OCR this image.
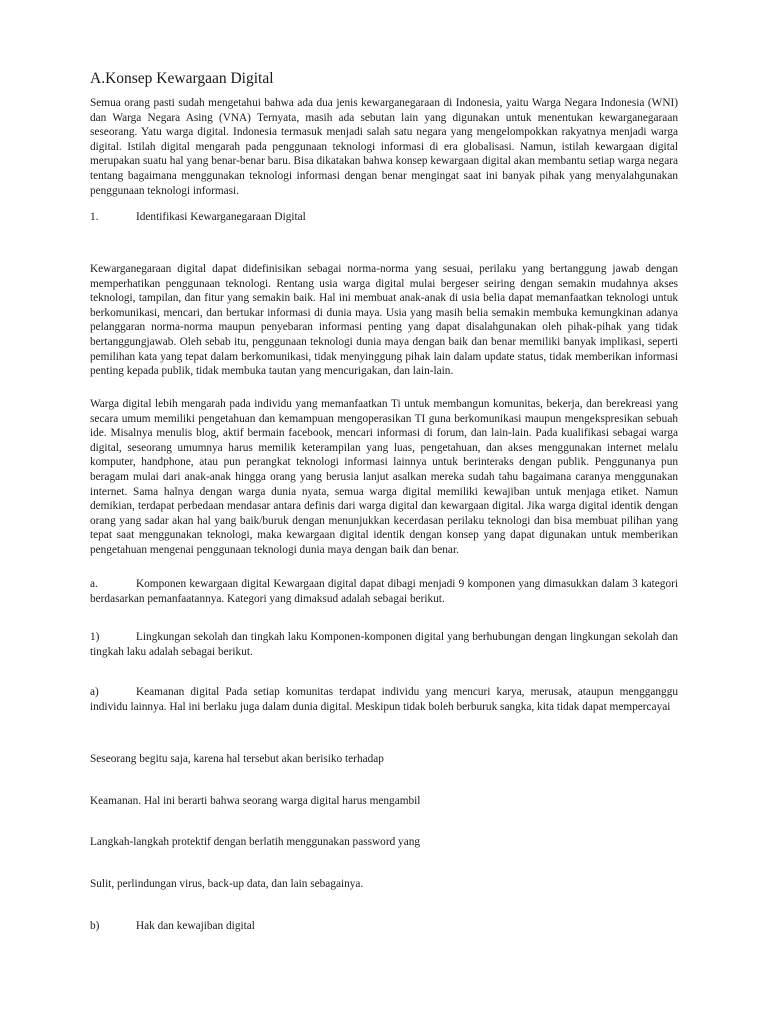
A.Konsep Kewargaan Digital

Semua orang pasti sudah mengetahui bahwa ada dua jenis kewarganegaraan di Indonesia, yaitu Warga Negara Indonesia (WNI) dan Warga Negara Asing (VNA) Ternyata, masih ada sebutan lain yang digunakan untuk menentukan kewarganegaraan seseorang. Yatu warga digital. Indonesia termasuk menjadi salah satu negara yang mengelompokkan rakyatnya menjadi warga digital. Istilah digital mengarah pada penggunaan teknologi informasi di era globalisasi. Namun, istilah kewargaan digital merupakan suatu hal yang benar-benar baru. Bisa dikatakan bahwa konsep kewargaan digital akan membantu setiap warga negara tentang bagaimana menggunakan teknologi informasi dengan benar mengingat saat ini banyak pihak yang menyalahgunakan penggunaan teknologi informasi.

1.	Identifikasi Kewarganegaraan Digital

Kewarganegaraan digital dapat didefinisikan sebagai norma-norma yang sesuai, perilaku yang bertanggung jawab dengan memperhatikan penggunaan teknologi. Rentang usia warga digital mulai bergeser seiring dengan semakin mudahnya akses teknologi, tampilan, dan fitur yang semakin baik. Hal ini membuat anak-anak di usia belia dapat memanfaatkan teknologi untuk berkomunikasi, mencari, dan bertukar informasi di dunia maya. Usia yang masih belia semakin membuka kemungkinan adanya pelanggaran norma-norma maupun penyebaran informasi penting yang dapat disalahgunakan oleh pihak-pihak yang tidak bertanggungjawab. Oleh sebab itu, penggunaan teknologi dunia maya dengan baik dan benar memiliki banyak implikasi, seperti pemilihan kata yang tepat dalam berkomunikasi, tidak menyinggung pihak lain dalam update status, tidak memberikan informasi penting kepada publik, tidak membuka tautan yang mencurigakan, dan lain-lain.

Warga digital lebih mengarah pada individu yang memanfaatkan Ti untuk membangun komunitas, bekerja, dan berekreasi yang secara umum memiliki pengetahuan dan kemampuan mengoperasikan TI guna berkomunikasi maupun mengekspresikan sebuah ide. Misalnya menulis blog, aktif bermain facebook, mencari informasi di forum, dan lain-lain. Pada kualifikasi sebagai warga digital, seseorang umumnya harus memilik keterampilan yang luas, pengetahuan, dan akses menggunakan internet melalu komputer, handphone, atau pun perangkat teknologi informasi lainnya untuk berinteraks dengan publik. Penggunanya pun beragam mulai dari anak-anak hingga orang yang berusia lanjut asalkan mereka sudah tahu bagaimana caranya menggunakan internet. Sama halnya dengan warga dunia nyata, semua warga digital memiliki kewajiban untuk menjaga etiket. Namun demikian, terdapat perbedaan mendasar antara definis dari warga digital dan kewargaan digital. Jika warga digital identik dengan orang yang sadar akan hal yang baik/buruk dengan menunjukkan kecerdasan perilaku teknologi dan bisa membuat pilihan yang tepat saat menggunakan teknologi, maka kewargaan digital identik dengan konsep yang dapat digunakan untuk memberikan pengetahuan mengenai penggunaan teknologi dunia maya dengan baik dan benar.

a.	Komponen kewargaan digital Kewargaan digital dapat dibagi menjadi 9 komponen yang dimasukkan dalam 3 kategori berdasarkan pemanfaatannya. Kategori yang dimaksud adalah sebagai berikut.

1)	Lingkungan sekolah dan tingkah laku Komponen-komponen digital yang berhubungan dengan lingkungan sekolah dan tingkah laku adalah sebagai berikut.

a)	Keamanan digital Pada setiap komunitas terdapat individu yang mencuri karya, merusak, ataupun mengganggu individu lainnya. Hal ini berlaku juga dalam dunia digital. Meskipun tidak boleh berburuk sangka, kita tidak dapat mempercayai

Seseorang begitu saja, karena hal tersebut akan berisiko terhadap

Keamanan. Hal ini berarti bahwa seorang warga digital harus mengambil

Langkah-langkah protektif dengan berlatih menggunakan password yang

Sulit, perlindungan virus, back-up data, dan lain sebagainya.

b)	Hak dan kewajiban digital
